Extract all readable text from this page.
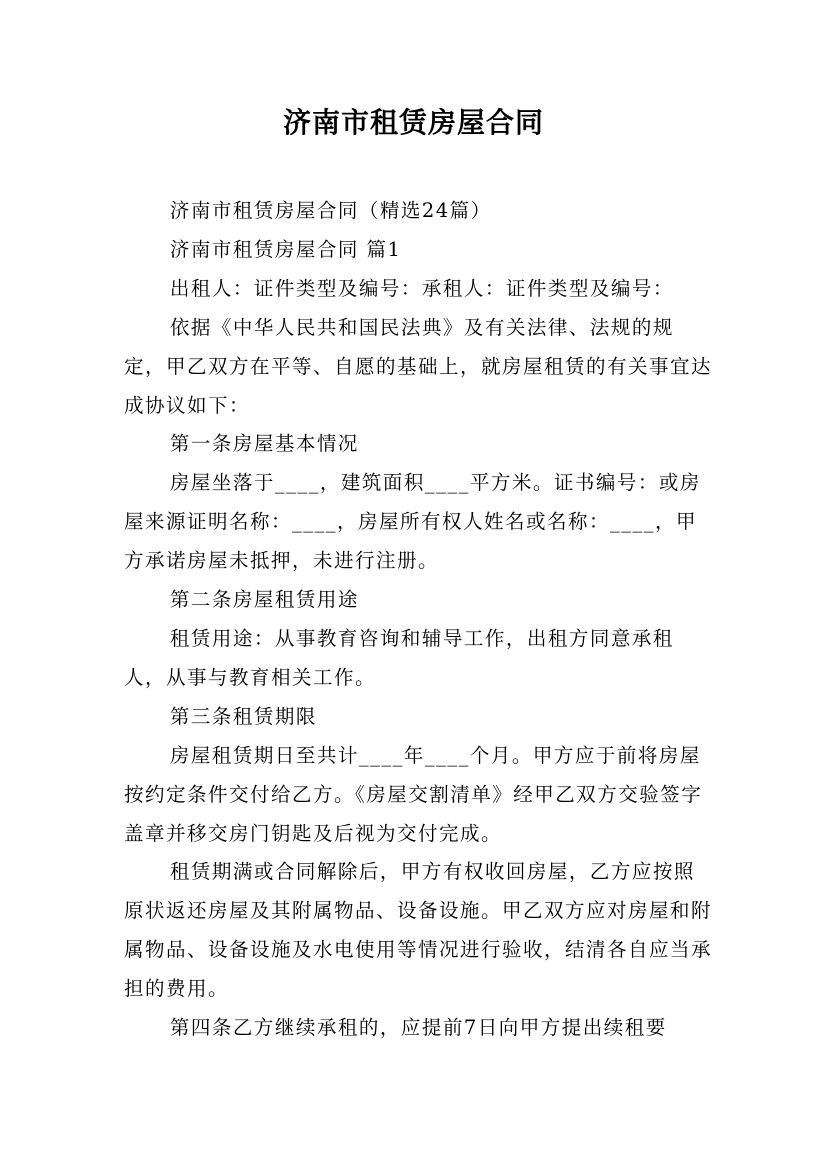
济南市租赁房屋合同

济南市租赁房屋合同（精选24篇）

济南市租赁房屋合同 篇1

出租人：证件类型及编号：承租人：证件类型及编号：

依据《中华人民共和国民法典》及有关法律、法规的规定，甲乙双方在平等、自愿的基础上，就房屋租赁的有关事宜达成协议如下：

第一条房屋基本情况

房屋坐落于____，建筑面积____平方米。证书编号：或房屋来源证明名称：____，房屋所有权人姓名或名称：____，甲方承诺房屋未抵押，未进行注册。

第二条房屋租赁用途

租赁用途：从事教育咨询和辅导工作，出租方同意承租人，从事与教育相关工作。

第三条租赁期限

房屋租赁期日至共计____年____个月。甲方应于前将房屋按约定条件交付给乙方。《房屋交割清单》经甲乙双方交验签字盖章并移交房门钥匙及后视为交付完成。

租赁期满或合同解除后，甲方有权收回房屋，乙方应按照原状返还房屋及其附属物品、设备设施。甲乙双方应对房屋和附属物品、设备设施及水电使用等情况进行验收，结清各自应当承担的费用。

第四条乙方继续承租的，应提前7日向甲方提出续租要
